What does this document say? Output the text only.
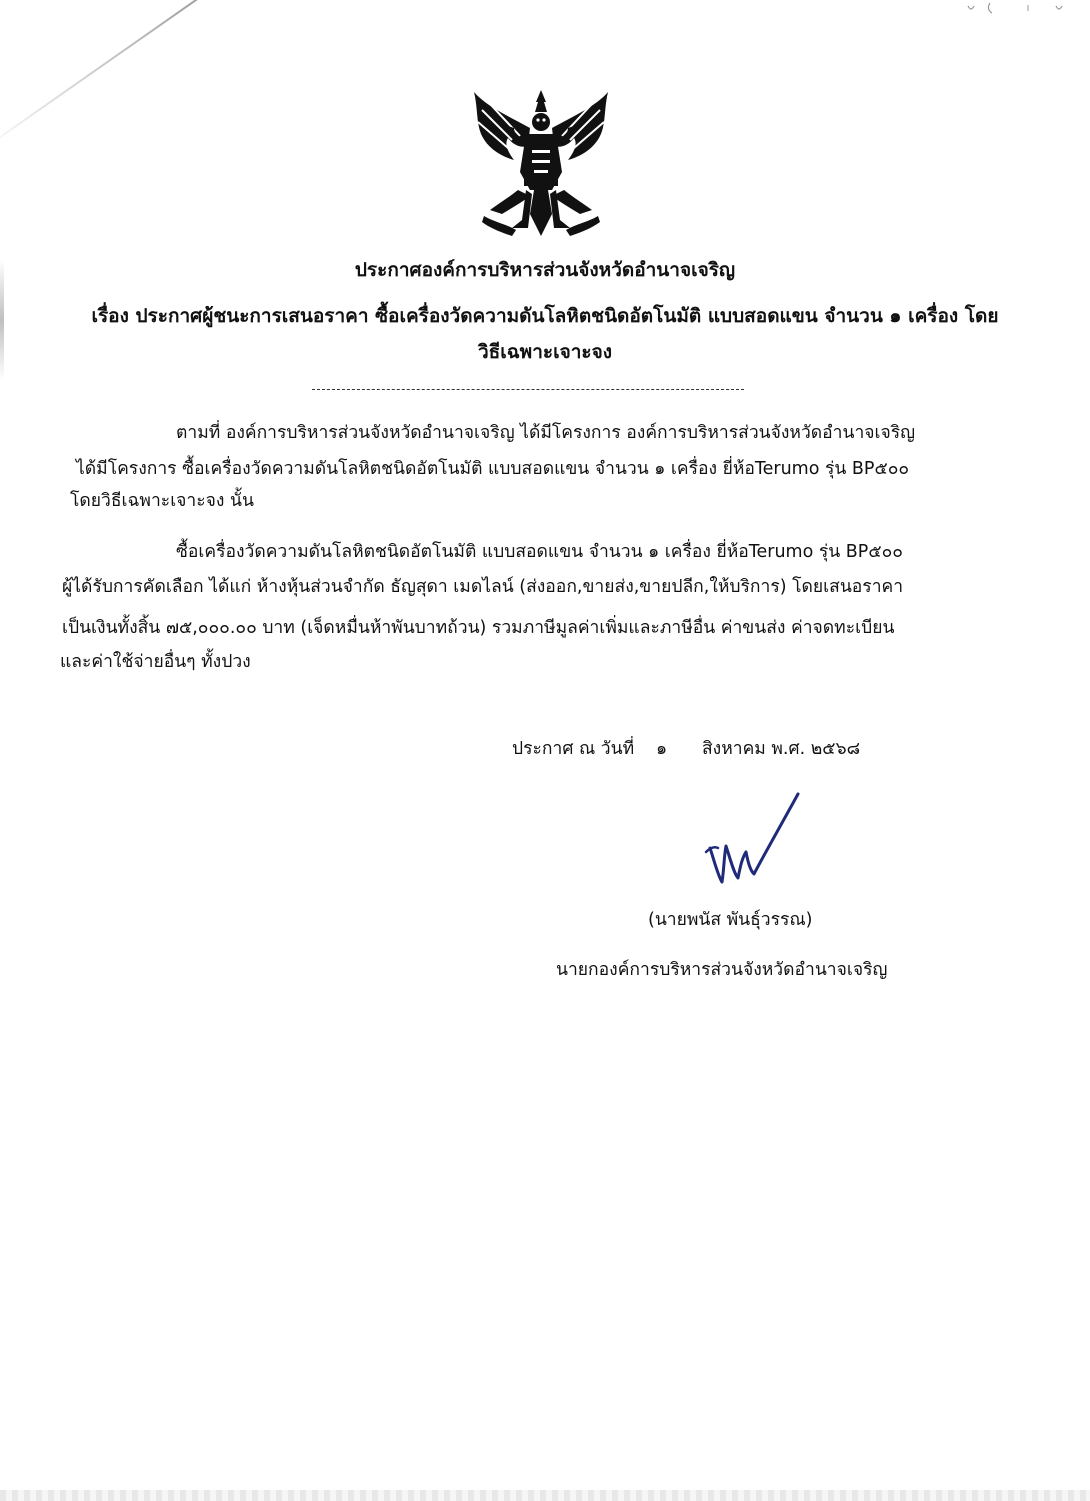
ประกาศองค์การบริหารส่วนจังหวัดอำนาจเจริญ
เรื่อง ประกาศผู้ชนะการเสนอราคา ซื้อเครื่องวัดความดันโลหิตชนิดอัตโนมัติ แบบสอดแขน จำนวน ๑ เครื่อง โดย
วิธีเฉพาะเจาะจง
ตามที่ องค์การบริหารส่วนจังหวัดอำนาจเจริญ ได้มีโครงการ องค์การบริหารส่วนจังหวัดอำนาจเจริญ
ได้มีโครงการ ซื้อเครื่องวัดความดันโลหิตชนิดอัตโนมัติ แบบสอดแขน จำนวน ๑ เครื่อง ยี่ห้อTerumo รุ่น BP๕๐๐
โดยวิธีเฉพาะเจาะจง นั้น
ซื้อเครื่องวัดความดันโลหิตชนิดอัตโนมัติ แบบสอดแขน จำนวน ๑ เครื่อง ยี่ห้อTerumo รุ่น BP๕๐๐
ผู้ได้รับการคัดเลือก ได้แก่ ห้างหุ้นส่วนจำกัด ธัญสุดา เมดไลน์ (ส่งออก,ขายส่ง,ขายปลีก,ให้บริการ) โดยเสนอราคา
เป็นเงินทั้งสิ้น ๗๕,๐๐๐.๐๐ บาท (เจ็ดหมื่นห้าพันบาทถ้วน) รวมภาษีมูลค่าเพิ่มและภาษีอื่น ค่าขนส่ง ค่าจดทะเบียน
และค่าใช้จ่ายอื่นๆ ทั้งปวง
ประกาศ ณ วันที่ ๑ สิงหาคม พ.ศ. ๒๕๖๘
(นายพนัส พันธุ์วรรณ)
นายกองค์การบริหารส่วนจังหวัดอำนาจเจริญ
